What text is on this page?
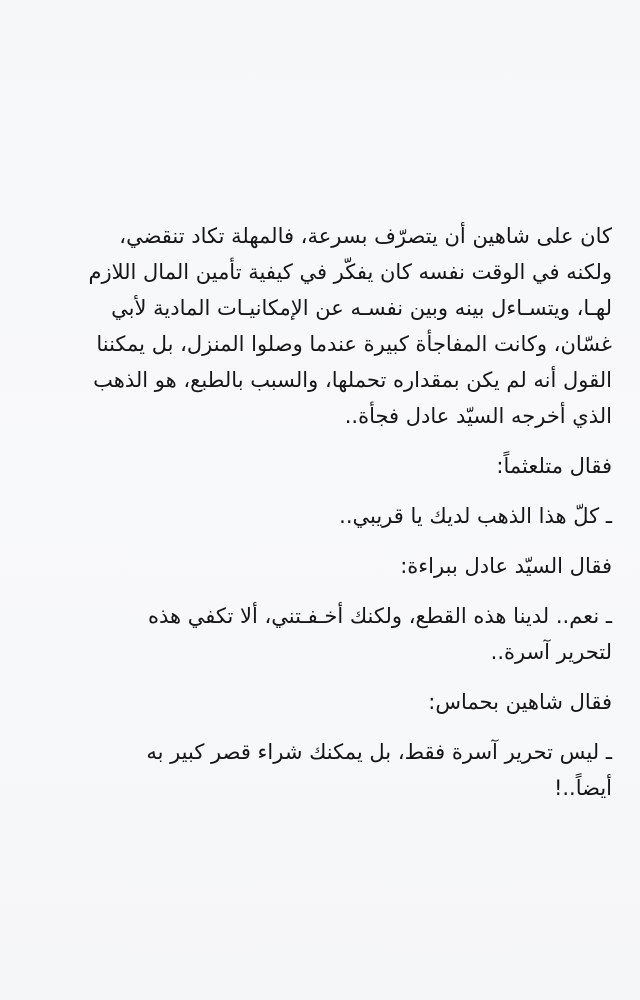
كان على شاهين أن يتصرّف بسرعة، فالمهلة تكاد تنقضي،
ولكنه في الوقت نفسه كان يفكّر في كيفية تأمين المال اللازم
لهـا، ويتسـاءل بينه وبين نفسـه عن الإمكانيـات المادية لأبي
غسّان، وكانت المفاجأة كبيرة عندما وصلوا المنزل، بل يمكننا
القول أنه لم يكن بمقداره تحملها، والسبب بالطبع، هو الذهب
الذي أخرجه السيّد عادل فجأة..

فقال متلعثماً:

ـ كلّ هذا الذهب لديك يا قريبي..

فقال السيّد عادل ببراءة:

ـ نعم.. لدينا هذه القطع، ولكنك أخـفـتني، ألا تكفي هذه
لتحرير آسرة..

فقال شاهين بحماس:

ـ ليس تحرير آسرة فقط، بل يمكنك شراء قصر كبير به
أيضاً..!
